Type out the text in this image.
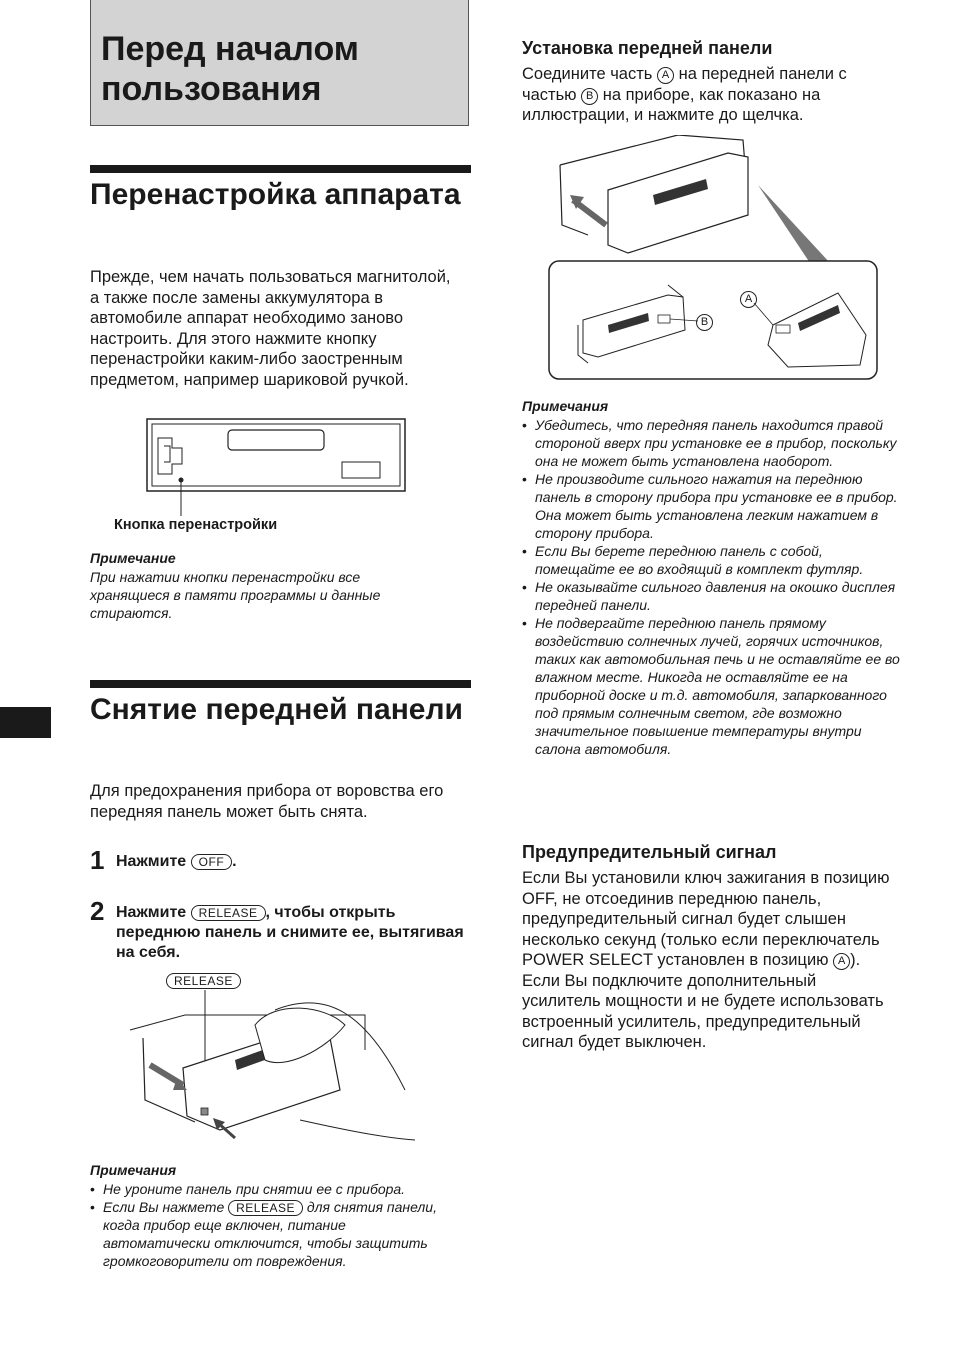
Перед началом пользования
Перенастройка аппарата
Прежде, чем начать пользоваться магнитолой, а также после замены аккумулятора в автомобиле аппарат необходимо заново настроить. Для этого нажмите кнопку перенастройки каким-либо заостренным предметом, например шариковой ручкой.
Кнопка перенастройки
Примечание
При нажатии кнопки перенастройки все хранящиеся в памяти программы и данные стираются.
Снятие передней панели
Для предохранения прибора от воровства его передняя панель может быть снята.
1 Нажмите OFF .
2 Нажмите RELEASE , чтобы открыть переднюю панель и снимите ее, вытягивая на себя.
RELEASE
Примечания
• Не уроните панель при снятии ее с прибора.
• Если Вы нажмете RELEASE для снятия панели, когда прибор еще включен, питание автоматически отключится, чтобы защитить громкоговорители от повреждения.
Установка передней панели
Соедините часть A на передней панели с частью B на приборе, как показано на иллюстрации, и нажмите до щелчка.
A
B
Примечания
• Убедитесь, что передняя панель находится правой стороной вверх при установке ее в прибор, поскольку она не может быть установлена наоборот.
• Не производите сильного нажатия на переднюю панель в сторону прибора при установке ее в прибор. Она может быть установлена легким нажатием в сторону прибора.
• Если Вы берете переднюю панель с собой, помещайте ее во входящий в комплект футляр.
• Не оказывайте сильного давления на окошко дисплея передней панели.
• Не подвергайте переднюю панель прямому воздействию солнечных лучей, горячих источников, таких как автомобильная печь и не оставляйте ее во влажном месте. Никогда не оставляйте ее на приборной доске и т.д. автомобиля, запаркованного под прямым солнечным светом, где возможно значительное повышение температуры внутри салона автомобиля.
Предупредительный сигнал
Если Вы установили ключ зажигания в позицию OFF, не отсоединив переднюю панель, предупредительный сигнал будет слышен несколько секунд (только если переключатель POWER SELECT установлен в позицию A ).
Если Вы подключите дополнительный усилитель мощности и не будете использовать встроенный усилитель, предупредительный сигнал будет выключен.
